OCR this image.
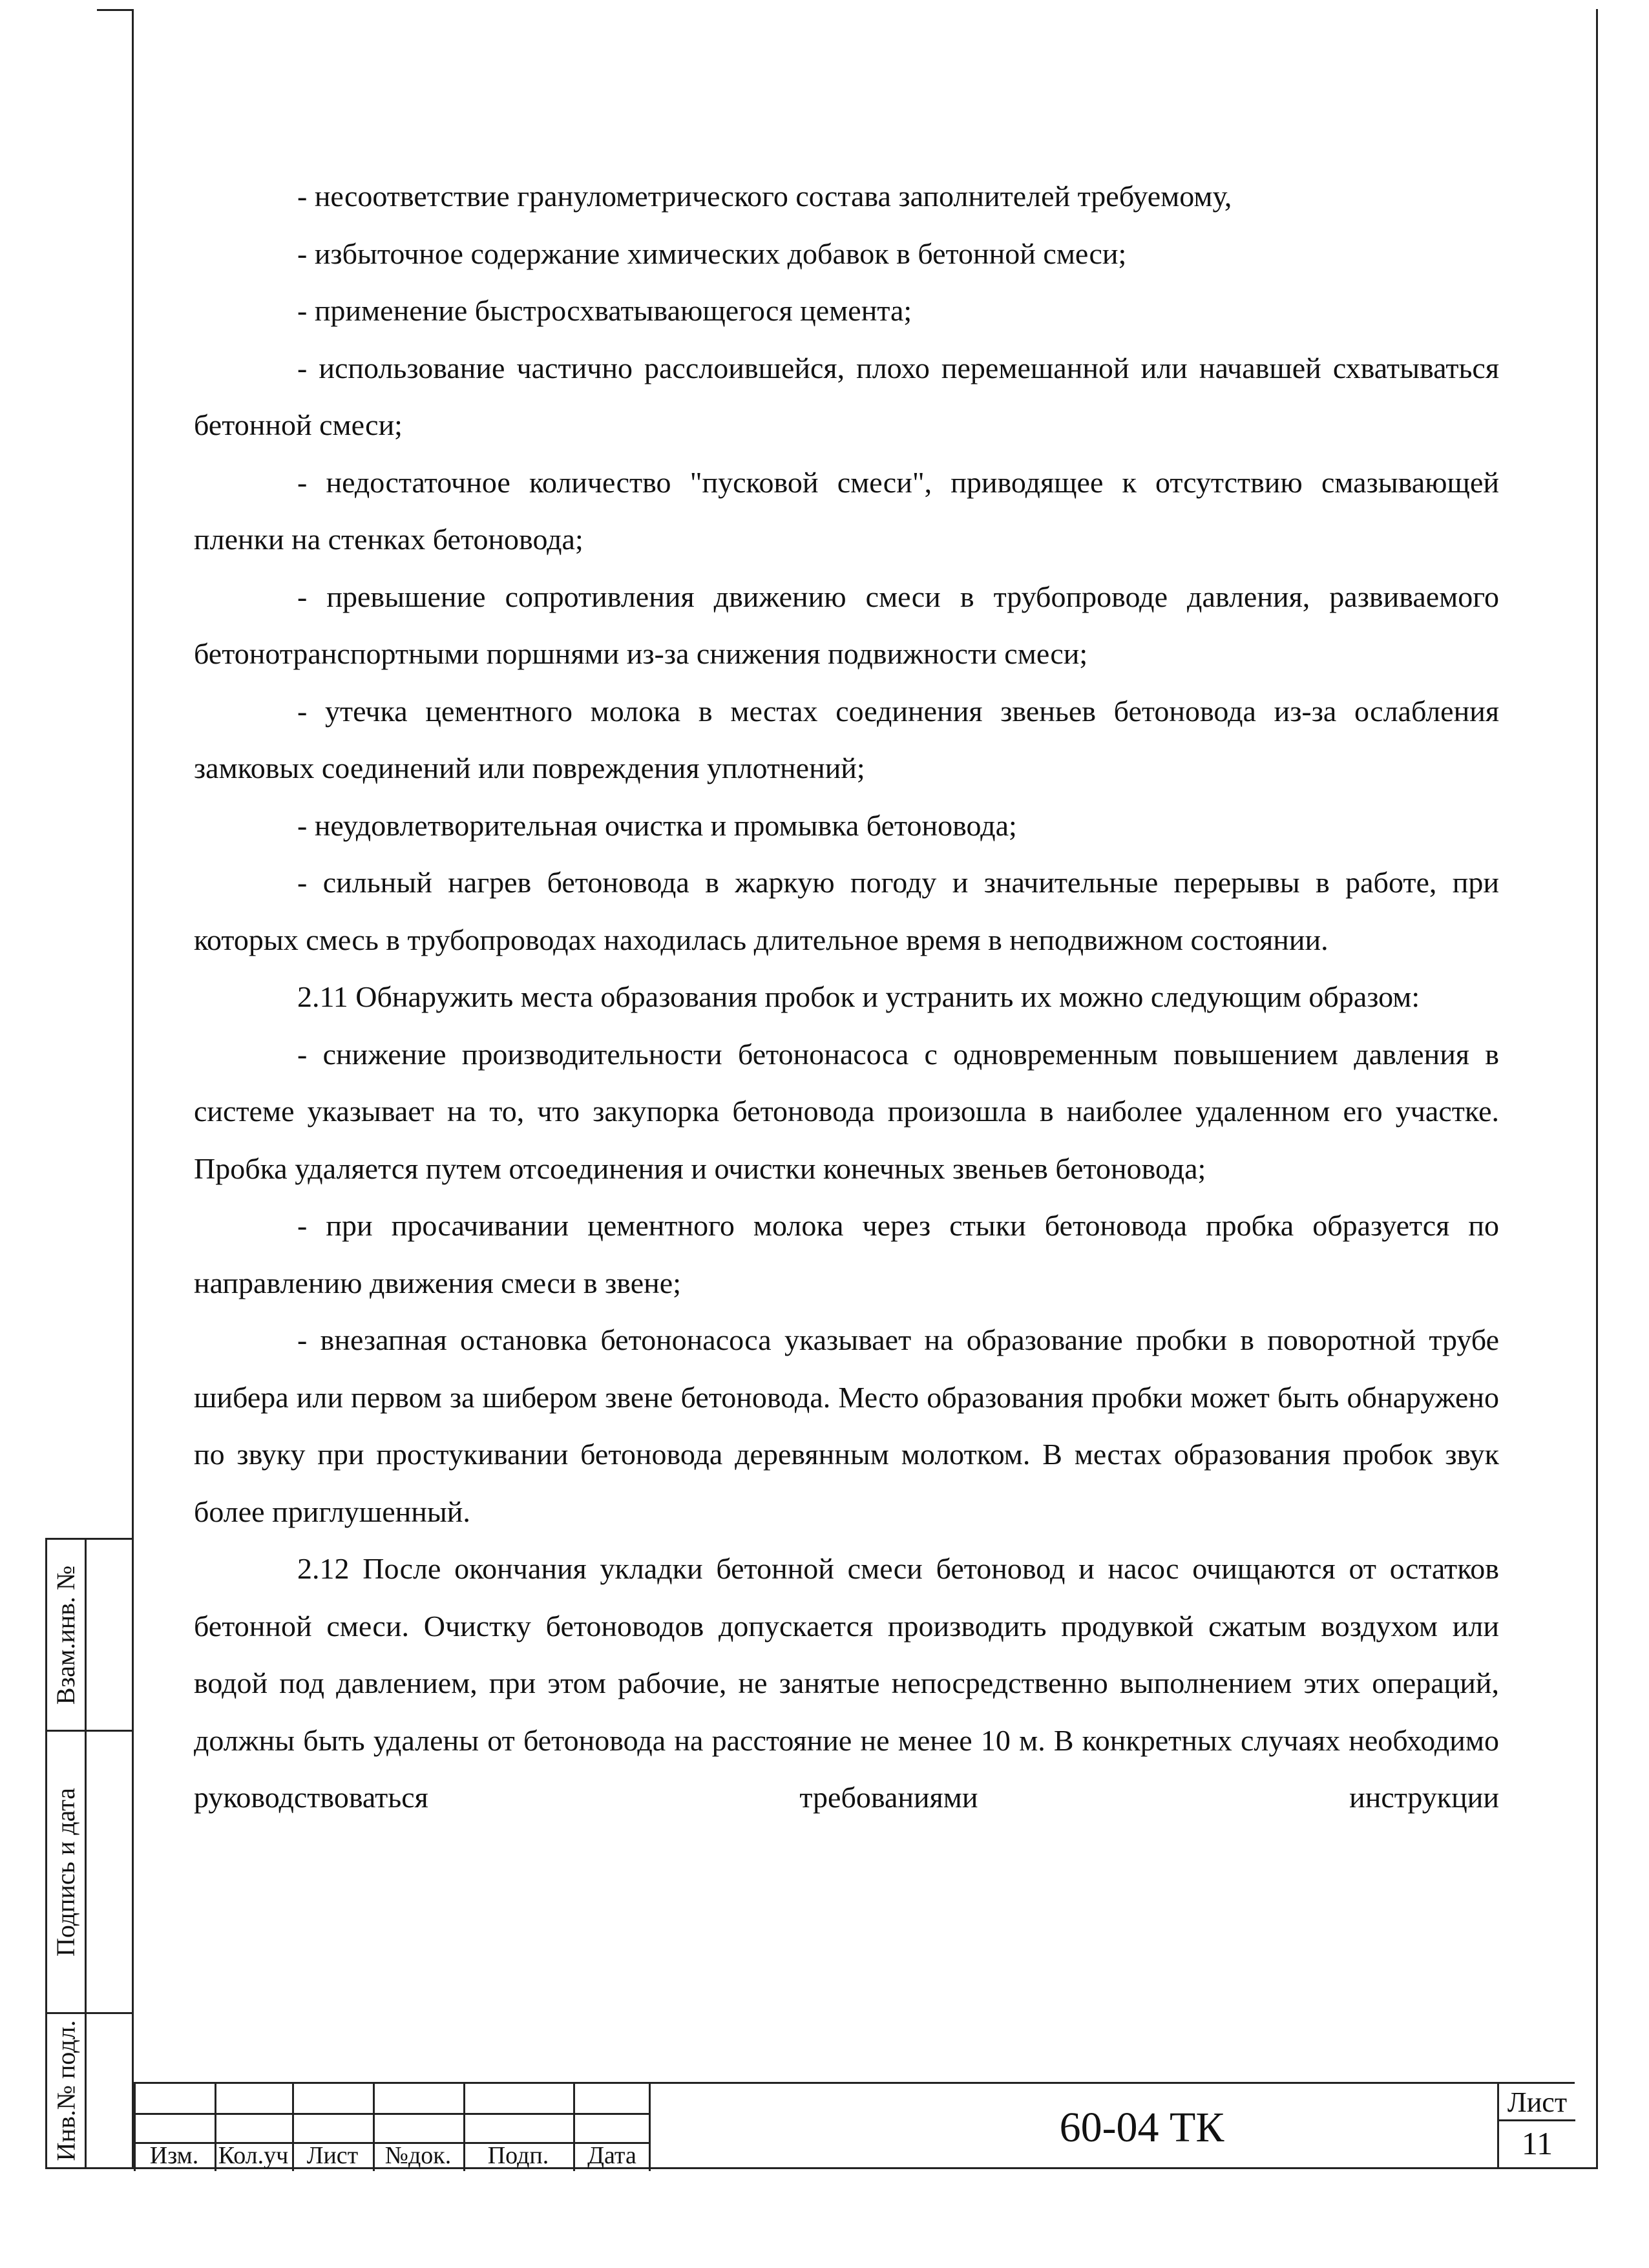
- несоответствие гранулометрического состава заполнителей требуемому,

- избыточное содержание химических добавок в бетонной смеси;

- применение быстросхватывающегося цемента;

- использование частично расслоившейся, плохо перемешанной или начавшей схватываться бетонной смеси;

- недостаточное количество "пусковой смеси", приводящее к отсутствию смазывающей пленки на стенках бетоновода;

- превышение сопротивления движению смеси в трубопроводе давления, развиваемого бетонотранспортными поршнями из-за снижения подвижности смеси;

- утечка цементного молока в местах соединения звеньев бетоновода из-за ослабления замковых соединений или повреждения уплотнений;

- неудовлетворительная очистка и промывка бетоновода;

- сильный нагрев бетоновода в жаркую погоду и значительные перерывы в работе, при которых смесь в трубопроводах находилась длительное время в неподвижном состоянии.

2.11 Обнаружить места образования пробок и устранить их можно следующим образом:

- снижение производительности бетононасоса с одновременным повышением давления в системе указывает на то, что закупорка бетоновода произошла в наиболее удаленном его участке. Пробка удаляется путем отсоединения и очистки конечных звеньев бетоновода;

- при просачивании цементного молока через стыки бетоновода пробка образуется по направлению движения смеси в звене;

- внезапная остановка бетононасоса указывает на образование пробки в поворотной трубе шибера или первом за шибером звене бетоновода. Место образования пробки может быть обнаружено по звуку при простукивании бетоновода деревянным молотком. В местах образования пробок звук более приглушенный.

2.12 После окончания укладки бетонной смеси бетоновод и насос очищаются от остатков бетонной смеси. Очистку бетоноводов допускается производить продувкой сжатым воздухом или водой под давлением, при этом рабочие, не занятые непосредственно выполнением этих операций, должны быть удалены от бетоновода на расстояние не менее 10 м. В конкретных случаях необходимо руководствоваться требованиями инструкции

Взам.инв. №
Подпись и дата
Инв.№ подл.	Изм. Кол.уч Лист	№док.	Подп.	Дата
60-04 ТК
Лист
11
